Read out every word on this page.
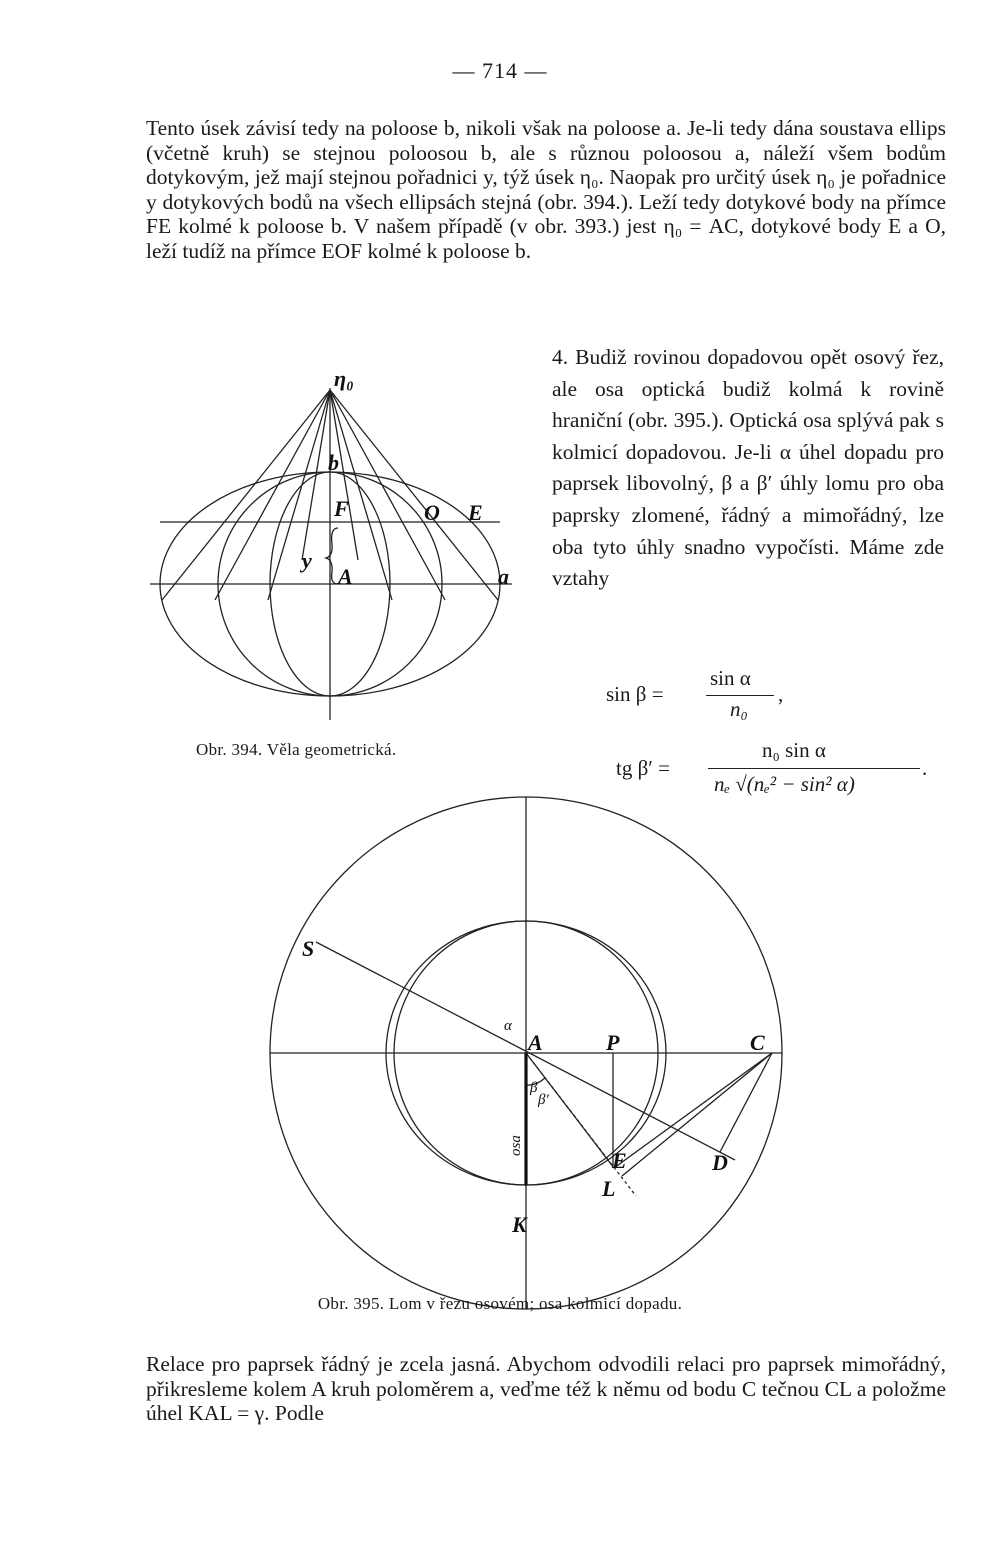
— 714 —

Tento úsek závisí tedy na poloose b, nikoli však na poloose a. Je-li tedy dána soustava ellips (včetně kruh) se stejnou poloosou b, ale s různou poloosou a, náleží všem bodům dotykovým, jež mají stejnou pořadnici y, týž úsek η₀. Naopak pro určitý úsek η₀ je pořadnice y dotykových bodů na všech ellipsách stejná (obr. 394.). Leží tedy dotykové body na přímce FE kolmé k poloose b. V našem případě (v obr. 393.) jest η₀ = AC, dotykové body E a O, leží tudíž na přímce EOF kolmé k poloose b.

η₀
b
F	O E
y
A	a
Obr. 394. Věla geometrická.

4. Budiž rovinou dopadovou opět osový řez, ale osa optická budiž kolmá k rovině hraniční (obr. 395.). Optická osa splývá pak s kolmicí dopadovou. Je-li α úhel dopadu pro paprsek libovolný, β a β′ úhly lomu pro oba paprsky zlomené, řádný a mimořádný, lze oba tyto úhly snadno vypočísti. Máme zde vztahy

sin β =
sin α
n₀
,
tg β′ =
n₀ sin α
nₑ √(nₑ² − sin² α)
.
S
α
A	P	C
β
β′
osa
E
L
D
K
Obr. 395. Lom v řezu osovém; osa kolmicí dopadu.

Relace pro paprsek řádný je zcela jasná. Abychom odvodili relaci pro paprsek mimořádný, přikresleme kolem A kruh poloměrem a, veďme též k němu od bodu C tečnou CL a položme úhel KAL = γ. Podle
